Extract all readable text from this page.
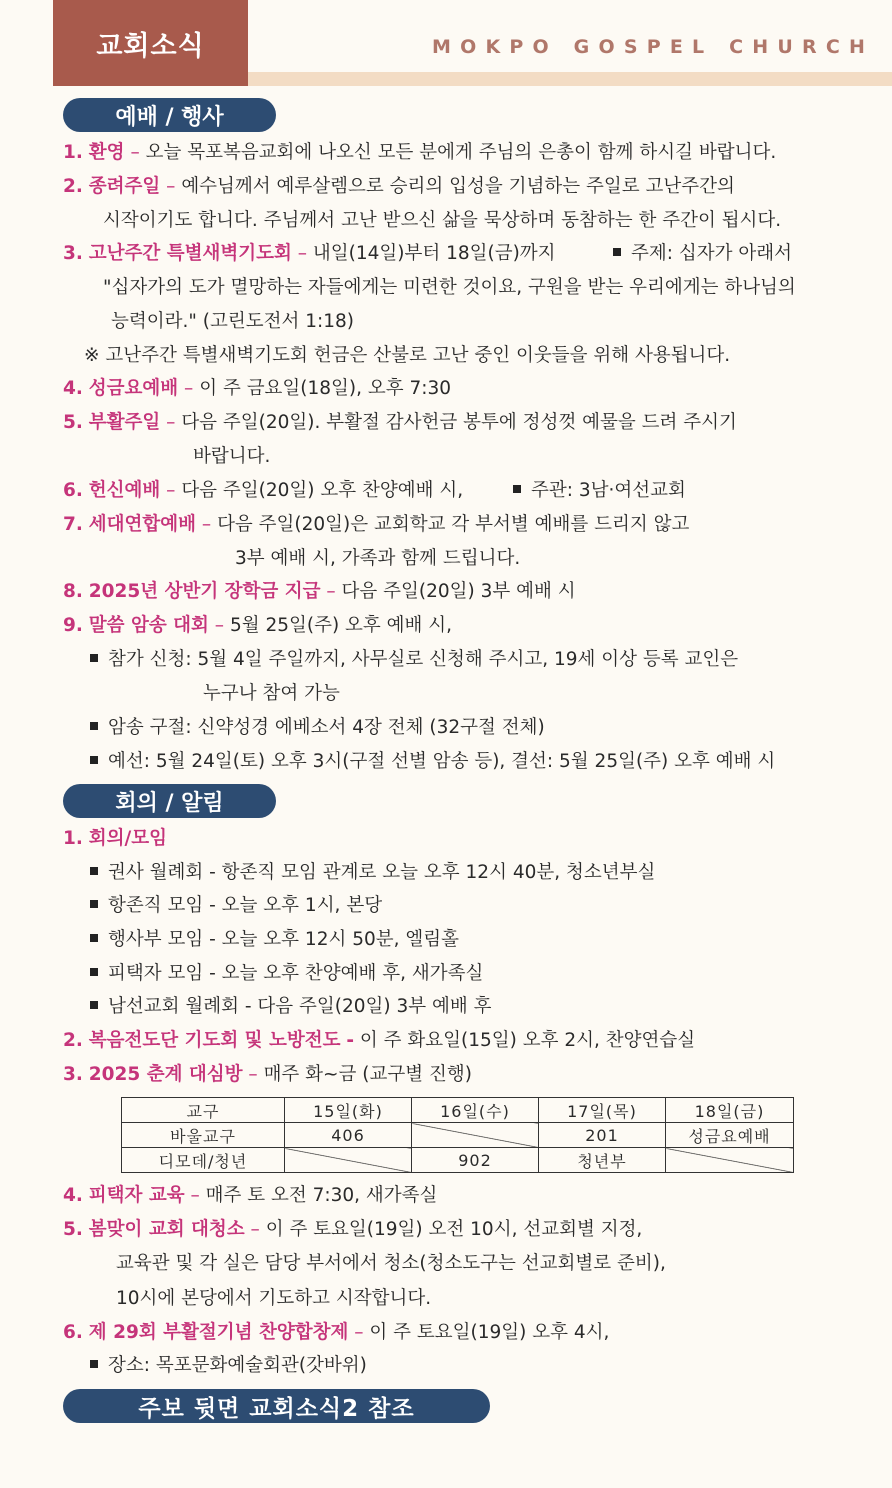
교회소식	MOKPO GOSPEL CHURCH
예배 / 행사
1. 환영 – 오늘 목포복음교회에 나오신 모든 분에게 주님의 은총이 함께 하시길 바랍니다.
2. 종려주일 – 예수님께서 예루살렘으로 승리의 입성을 기념하는 주일로 고난주간의
시작이기도 합니다. 주님께서 고난 받으신 삶을 묵상하며 동참하는 한 주간이 됩시다.
3. 고난주간 특별새벽기도회 – 내일(14일)부터 18일(금)까지	주제: 십자가 아래서
"십자가의 도가 멸망하는 자들에게는 미련한 것이요, 구원을 받는 우리에게는 하나님의
능력이라." (고린도전서 1:18)
※ 고난주간 특별새벽기도회 헌금은 산불로 고난 중인 이웃들을 위해 사용됩니다.
4. 성금요예배 – 이 주 금요일(18일), 오후 7:30
5. 부활주일 – 다음 주일(20일). 부활절 감사헌금 봉투에 정성껏 예물을 드려 주시기
바랍니다.
6. 헌신예배 – 다음 주일(20일) 오후 찬양예배 시,	주관: 3남·여선교회
7. 세대연합예배 – 다음 주일(20일)은 교회학교 각 부서별 예배를 드리지 않고
3부 예배 시, 가족과 함께 드립니다.
8. 2025년 상반기 장학금 지급 – 다음 주일(20일) 3부 예배 시
9. 말씀 암송 대회 – 5월 25일(주) 오후 예배 시,
참가 신청: 5월 4일 주일까지, 사무실로 신청해 주시고, 19세 이상 등록 교인은
누구나 참여 가능
암송 구절: 신약성경 에베소서 4장 전체 (32구절 전체)
예선: 5월 24일(토) 오후 3시(구절 선별 암송 등), 결선: 5월 25일(주) 오후 예배 시
회의 / 알림
1. 회의/모임
권사 월례회 - 항존직 모임 관계로 오늘 오후 12시 40분, 청소년부실
항존직 모임 - 오늘 오후 1시, 본당
행사부 모임 - 오늘 오후 12시 50분, 엘림홀
피택자 모임 - 오늘 오후 찬양예배 후, 새가족실
남선교회 월례회 - 다음 주일(20일) 3부 예배 후
2. 복음전도단 기도회 및 노방전도 - 이 주 화요일(15일) 오후 2시, 찬양연습실
3. 2025 춘계 대심방 – 매주 화~금 (교구별 진행)
교구	15일(화)	16일(수)	17일(목)	18일(금)
바울교구	406		201	성금요예배
디모데/청년		902	청년부	
4. 피택자 교육 – 매주 토 오전 7:30, 새가족실
5. 봄맞이 교회 대청소 – 이 주 토요일(19일) 오전 10시, 선교회별 지정,
교육관 및 각 실은 담당 부서에서 청소(청소도구는 선교회별로 준비),
10시에 본당에서 기도하고 시작합니다.
6. 제 29회 부활절기념 찬양합창제 – 이 주 토요일(19일) 오후 4시,
장소: 목포문화예술회관(갓바위)
주보 뒷면 교회소식2 참조
